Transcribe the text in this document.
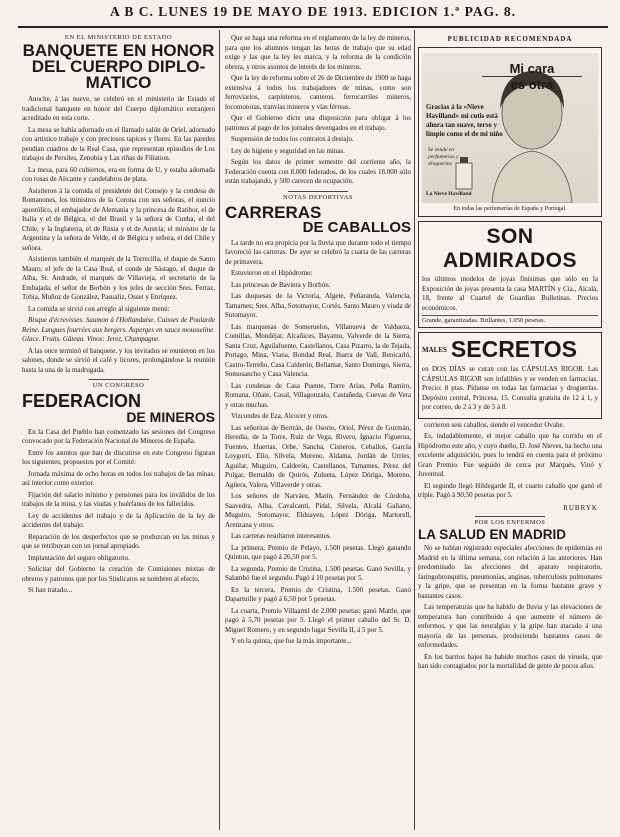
A B C. LUNES 19 DE MAYO DE 1913. EDICION 1.ª PAG. 8.
EN EL MINISTERIO DE ESTADO
BANQUETE EN HONOR DEL CUERPO DIPLO- MATICO

Anoche, á las nueve, se celebró en el ministerio de Estado el tradicional banquete en honor del Cuerpo diplomático extranjero acreditado en esta corte.

La mesa se había adornado en el llamado salón de Oriel, adornado con artístico trabajo y con preciosos tapices y flores. En las paredes pendían cuadros de la Real Casa, que representan episodios de Los trabajos de Persiles, Zenobia y Las riñas de Filiation.

La mesa, para 60 cubiertos, era en forma de U, y estaba adornada con rosas de Alicante y candelabros de plata.

Asistieron á la comida el presidente del Consejo y la condesa de Romanones, los ministros de la Corona con sus señoras, el nuncio apostólico, el embajador de Alemania y la princesa de Ratibor, el de Italia y el de Bélgica, el del Brasil y la señora de Cunha, el del Chile, y la Inglaterra, el de Rusia y el de Austria; el ministro de la Argentina y la señora de Velde, el de Bélgica y señora, el del Chile y señora.

Asistieron también el marqués de la Torrecilla, el duque de Santo Mauro, el jefe de la Casa Real, el conde de Sástago, el duque de Alba, Sr. Andrade, el marqués de Villavieja, el secretario de la Embajada, el señor de Borbón y los jefes de sección Sres. Ferraz, Tobia, Muñoz de González, Pasualiz, Osset y Enríquez.

La comida se sirvió con arreglo al siguiente menú:

Bisque d'écrevisses. Saumon à l'Hollandaise. Cuisses de Poularde Reine. Langues fourrées aux bergers. Asperges en sauce mousseline. Glace. Fruits. Gâteau. Vinos: Jerez, Champagne.

A las once terminó el banquete, y los invitados se reunieron en los salones, donde se sirvió el café y licores, prolongándose la reunión hasta la una de la madrugada.

UN CONGRESO
FEDERACION
DE MINEROS

En la Casa del Pueblo han comenzado las sesiones del Congreso convocado por la Federación Nacional de Mineros de España.

Entre los asuntos que han de discutirse en este Congreso figuran los siguientes, propuestos por el Comité:

Jornada máxima de ocho horas en todos los trabajos de las minas, así interior como exterior.

Fijación del salario mínimo y pensiones para los inválidos de los trabajos de la mina, y las viudas y huérfanos de los fallecidos.

Ley de accidentes del trabajo y de la Aplicación de la ley de accidentes del trabajo.

Reparación de los desperfectos que se produzcan en las minas y que se retribuyan con un jornal apropiado.

Implantación del seguro obligatorio.

Solicitar del Gobierno la creación de Comisiones mixtas de obreros y patronos que por los Sindicatos se nombren al efecto.

Si han tratado...

Que se haga una reforma en el reglamento de la ley de mineros, para que los alumnos tengan las horas de trabajo que su edad exige y las que la ley les marca, y la reforma de la condición obrera, y otros asuntos de interés de los mineros.

Que la ley de reforma sobre el 26 de Diciembre de 1909 se haga extensiva á todos los trabajadores de minas, como son ferroviarios, carpinteros, canteros, ferrocarriles mineros, locomotoras, tranvías mineros y vías férreas.

Que el Gobierno dicte una disposición para obligar á los patronos al pago de los jornales devengados en el trabajo.

Suspensión de todos los contratos á destajo.

Ley de higiene y seguridad en las minas.

Según los datos de primer semestre del corriente año, la Federación cuenta con 8.000 federados, de los cuales 18.000 sólo están trabajando, y 500 carecen de ocupación.

NOTAS DEPORTIVAS
CARRERAS
DE CABALLOS

La tarde no era propicia por la lluvia que durante todo el tiempo favoreció las carreras. De ayer se celebró la cuarta de las carreras de primavera.

Estuvieron en el Hipódromo:

Las princesas de Baviera y Borbón.

Las duquesas de la Victoria, Algete, Peñaranda, Valencia, Tamames; Sres. Alba, Sotomayor, Cortés, Santo Mauro y viuda de Sotomayor.

Las marquesas de Someruelos, Villanueva de Valdueza, Comillas, Mondéjar, Alcañices, Bayamo, Valverde de la Sierra, Santa Cruz, Aguilafuente, Castellanos, Casa Pizarro, la de Tejada, Portago, Mina, Viana, Bondad Real, Ibarra de Vall, Benicarló, Castro-Terreño, Casa Calderón, Bellamar, Santo Domingo, Sierra, Somosancho y Casa Valencia.

Las condesas de Casa Puente, Torre Arias, Peña Ramiro, Romana, Oñate, Casal, Villagonzalo, Castañeda, Cuevas de Vera y otras muchas.

Vizcondes de Eza, Alcocer y otros.

Las señoritas de Bertrán, de Osorio, Oriol, Pérez de Guzmán, Heredia, de la Torre, Ruiz de Vega, Rivero, Ignacio Figueroa, Fuentes, Huertas, Orbe, Sancha, Cisneros, Ceballos, García Loygorri, Elío, Silvela, Moreno, Aldama, Jordán de Urríes, Aguilar, Muguiro, Calderón, Castellanos, Tamames, Pérez del Pulgar, Bernaldo de Quirós, Zulueta, López Dóriga, Moreno, Agüera, Valera, Villaverde y otras.

Los señores de Narváez, Marín, Fernández de Córdoba, Saavedra, Alba, Cavalcanti, Pidal, Silvela, Alcalá Galiano, Muguiro, Sotomayor, Elduayen, López Dóriga, Martorell, Arenzana y otros.

Las carreras resultaron interesantes.

La primera, Premio de Pelayo, 1.500 pesetas. Llegó ganando Quinton, que pagó á 26,50 por 5.

La segunda, Premio de Cristina, 1.500 pesetas. Ganó Sevilla, y Salambó fue el segundo. Pagó á 10 pesetas por 5.

En la tercera, Premio de Cristina, 1.500 pesetas. Ganó Dapartuille y pagó á 6,50 por 5 pesetas.

La cuarta, Premio Villaamil de 2.000 pesetas; ganó Mattle, que pagó á 5,70 pesetas por 5. Llegó el primer caballo del Sr. D. Miguel Romero, y en segundo lugar Sevilla II, á 5 por 5.

Y en la quinta, que fue la más importante...

PUBLICIDAD RECOMENDADA
Mi cara
es otra
Gracias á la «Nieve Havilland» mi cutis está ahora tan suave, terso y limpio como el de mi niño
Se vende en perfumerías y droguerías
La Nieve Havilland
En todas las perfumerías de España y Portugal.
SON ADMIRADOS
los últimos modelos de joyas finísimas que sólo en la Exposición de joyas presenta la casa MARTÍN y Cía., Alcalá, 18, frente al Cuartel de Guardias Bulletinas. Precios económicos.
Grande, garantizadas. Brillantes, 1.050 pesetas.
MALES SECRETOS
en DOS DÍAS se curan con las CÁPSULAS RIGOR. Las CÁPSULAS RIGOR son infalibles y se venden en farmacias. Precio: 8 ptas. Pídanse en todas las farmacias y droguerías. Depósito central, Princesa, 15. Consulta gratuita de 12 á 1, y por correo, de 2 á 3 y de 5 á 8.

corrieron seis caballos, siendo el vencedor Ovahe.

Es, indudablemente, el mejor caballo que ha corrido en el Hipódromo este año, y cuyo dueño, D. José Nieves, ha hecho una excelente adquisición, pues lo tendrá en cuenta para el próximo Gran Premio. Fue seguido de cerca por Marqués, Vinó y Juventud.

El segundo llegó Hildegarde II, el cuarto caballo que ganó el triple. Pagó á 90,50 pesetas por 5.

RUBRYK
POR LOS ENFERMOS
LA SALUD EN MADRID

No se habían registrado especiales afecciones de epidemias en Madrid en la última semana, con relación á las anteriores. Han predominado las afecciones del aparato respiratorio, faringobronquitis, pneumonías, anginas, tuberculosis pulmonares y la gripe, que se presentan en la forma bastante grave y bastantes casos.

Las temperaturas que ha habido de lluvia y las elevaciones de temperatura han contribuido á que aumente el número de enfermos, y que las neuralgias y la gripe han atacado á una mayoría de las personas, produciendo bastantes casos de enfermedades.

En los barrios bajos ha habido muchos casos de viruela, que han sido contagiados por la mortalidad de gente de pocos años.
